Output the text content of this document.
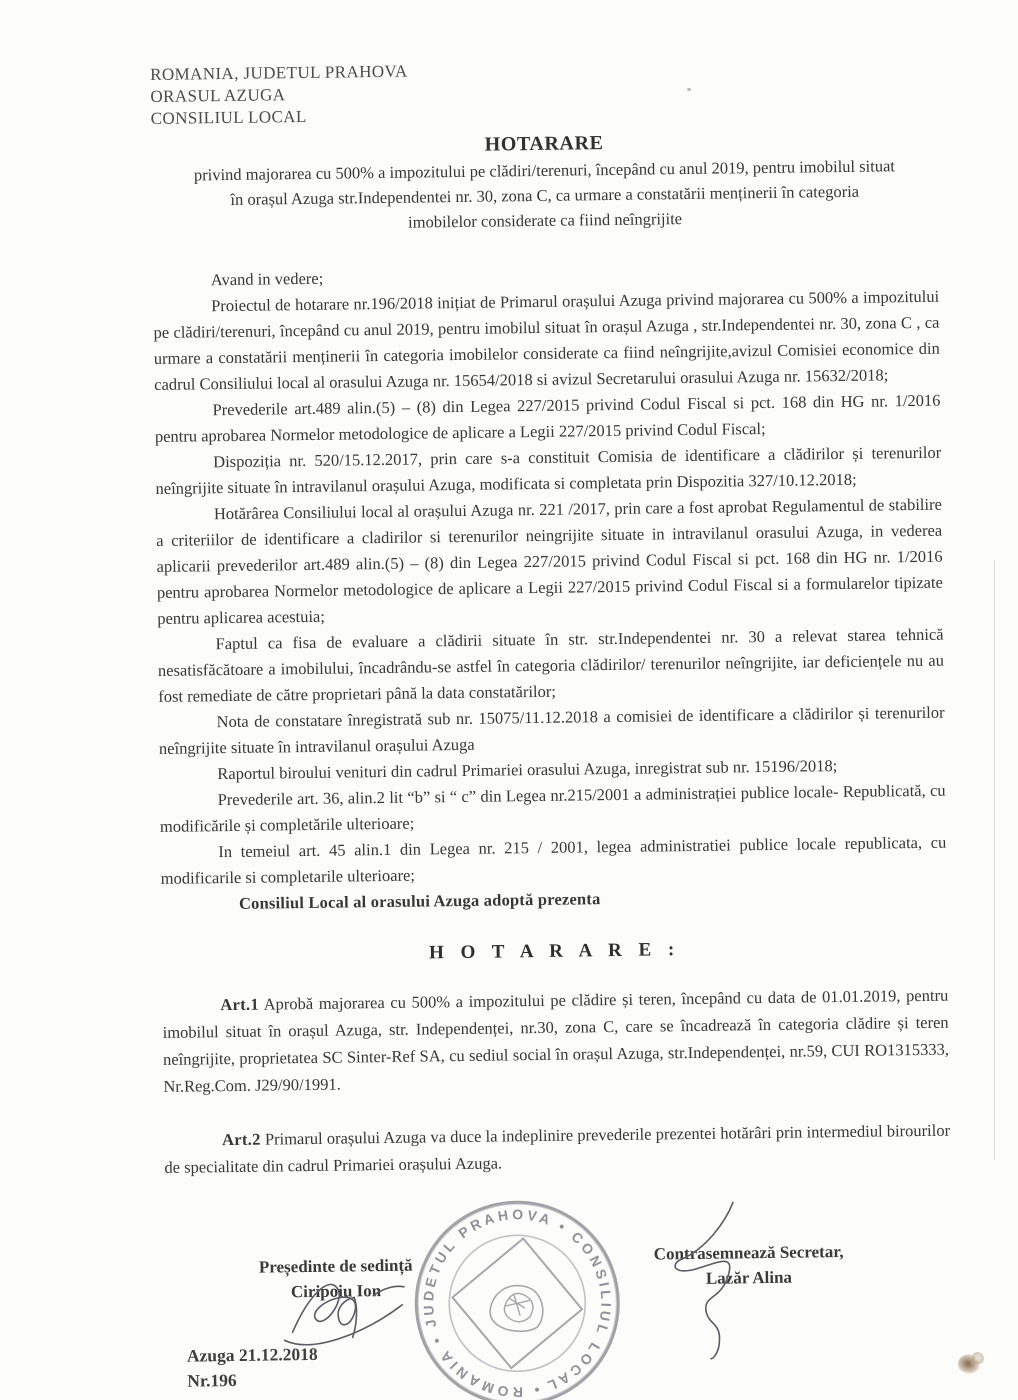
ROMANIA, JUDETUL PRAHOVA
ORASUL AZUGA
CONSILIUL LOCAL
HOTARARE
privind majorarea cu 500% a impozitului pe clădiri/terenuri, începând cu anul 2019, pentru imobilul situat
în orașul Azuga str.Independentei nr. 30, zona C, ca urmare a constatării menținerii în categoria
imobilelor considerate ca fiind neîngrijite

Avand in vedere;

Proiectul de hotarare nr.196/2018 inițiat de Primarul orașului Azuga privind majorarea cu 500% a impozitului pe clădiri/terenuri, începând cu anul 2019, pentru imobilul situat în orașul Azuga , str.Independentei nr. 30, zona C , ca urmare a constatării menținerii în categoria imobilelor considerate ca fiind neîngrijite,avizul Comisiei economice din cadrul Consiliului local al orasului Azuga nr. 15654/2018 si avizul Secretarului orasului Azuga nr. 15632/2018;

Prevederile art.489 alin.(5) – (8) din Legea 227/2015 privind Codul Fiscal si pct. 168 din HG nr. 1/2016 pentru aprobarea Normelor metodologice de aplicare a Legii 227/2015 privind Codul Fiscal;

Dispoziția nr. 520/15.12.2017, prin care s-a constituit Comisia de identificare a clădirilor și terenurilor neîngrijite situate în intravilanul orașului Azuga, modificata si completata prin Dispozitia 327/10.12.2018;

Hotărârea Consiliului local al orașului Azuga nr. 221 /2017, prin care a fost aprobat Regulamentul de stabilire a criteriilor de identificare a cladirilor si terenurilor neingrijite situate in intravilanul orasului Azuga, in vederea aplicarii prevederilor art.489 alin.(5) – (8) din Legea 227/2015 privind Codul Fiscal si pct. 168 din HG nr. 1/2016 pentru aprobarea Normelor metodologice de aplicare a Legii 227/2015 privind Codul Fiscal si a formularelor tipizate pentru aplicarea acestuia;

Faptul ca fisa de evaluare a clădirii situate în str. str.Independentei nr. 30 a relevat starea tehnică nesatisfăcătoare a imobilului, încadrându-se astfel în categoria clădirilor/ terenurilor neîngrijite, iar deficiențele nu au fost remediate de către proprietari până la data constatărilor;

Nota de constatare înregistrată sub nr. 15075/11.12.2018 a comisiei de identificare a clădirilor și terenurilor neîngrijite situate în intravilanul orașului Azuga

Raportul biroului venituri din cadrul Primariei orasului Azuga, inregistrat sub nr. 15196/2018;

Prevederile art. 36, alin.2 lit “b” si “ c” din Legea nr.215/2001 a administrației publice locale- Republicată, cu modificările și completările ulterioare;

In temeiul art. 45 alin.1 din Legea nr. 215 / 2001, legea administratiei publice locale republicata, cu modificarile si completarile ulterioare;

Consiliul Local al orasului Azuga adoptă prezenta

H O T A R A R E :

Art.1 Aprobă majorarea cu 500% a impozitului pe clădire și teren, începând cu data de 01.01.2019, pentru imobilul situat în orașul Azuga, str. Independenței, nr.30, zona C, care se încadrează în categoria clădire și teren neîngrijite, proprietatea SC Sinter-Ref SA, cu sediul social în orașul Azuga, str.Independenței, nr.59, CUI RO1315333, Nr.Reg.Com. J29/90/1991.

Art.2 Primarul orașului Azuga va duce la indeplinire prevederile prezentei hotărâri prin intermediul birourilor de specialitate din cadrul Primariei orașului Azuga.

• ROMANIA • JUDETUL PRAHOVA • CONSILIUL LOCAL
Președinte de sedință
Ciripoiu Ion
Contrasemnează Secretar,
Lazăr Alina
Azuga 21.12.2018
Nr.196
